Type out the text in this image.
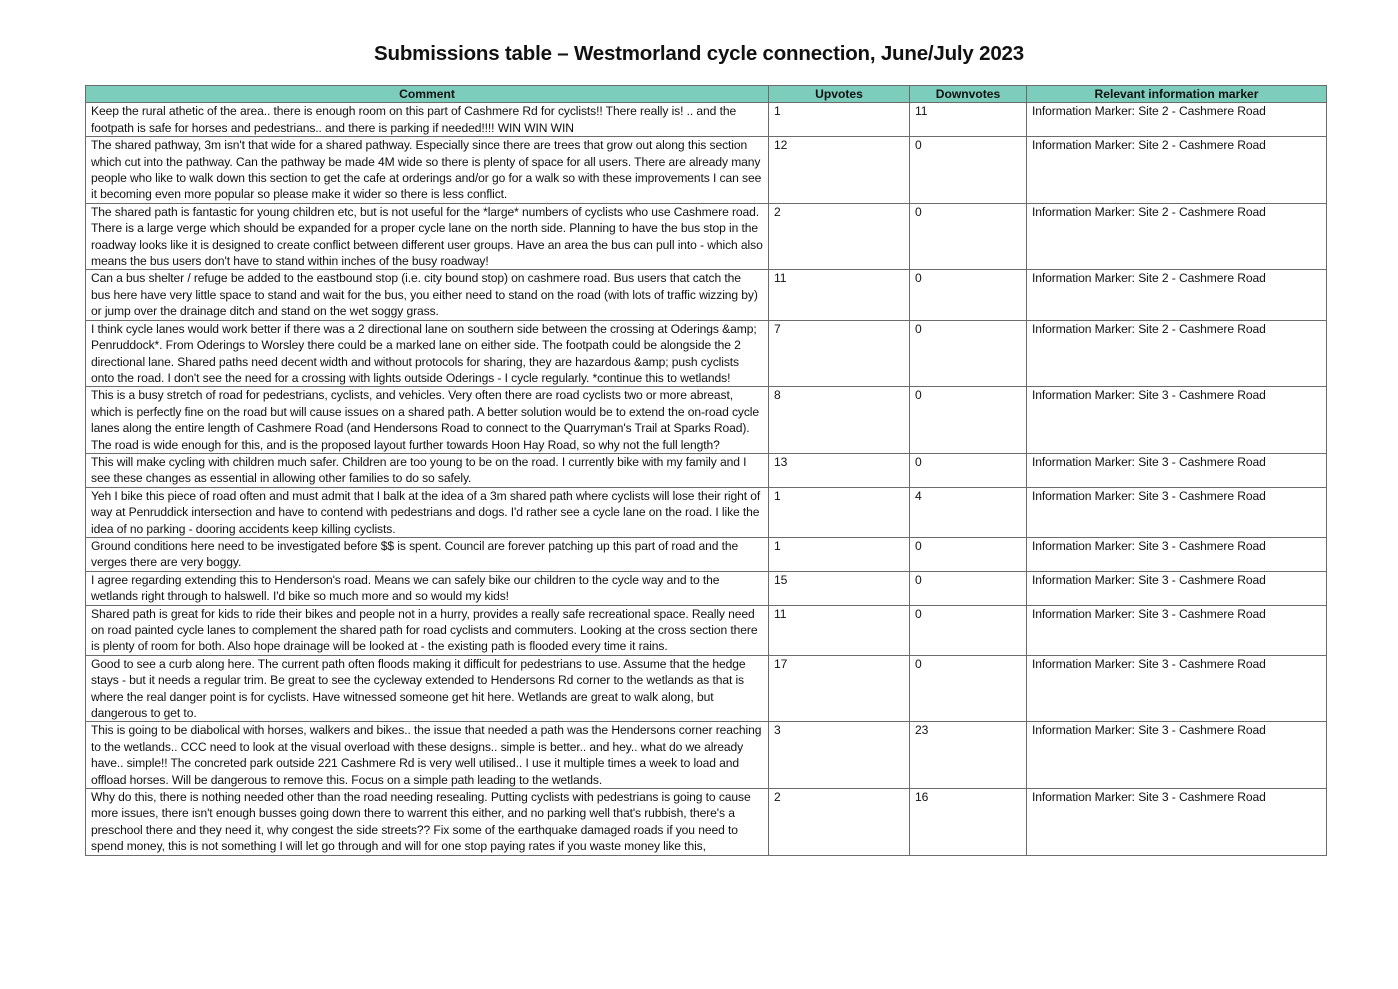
Submissions table – Westmorland cycle connection, June/July 2023
Comment	Upvotes	Downvotes	Relevant information marker
Keep the rural athetic of the area.. there is enough room on this part of Cashmere Rd for cyclists!! There really is! .. and the footpath is safe for horses and pedestrians.. and there is parking if needed!!!! WIN WIN WIN	1	11	Information Marker: Site 2 - Cashmere Road
The shared pathway, 3m isn't that wide for a shared pathway. Especially since there are trees that grow out along this section which cut into the pathway. Can the pathway be made 4M wide so there is plenty of space for all users. There are already many people who like to walk down this section to get the cafe at orderings and/or go for a walk so with these improvements I can see it becoming even more popular so please make it wider so there is less conflict.	12	0	Information Marker: Site 2 - Cashmere Road
The shared path is fantastic for young children etc, but is not useful for the *large* numbers of cyclists who use Cashmere road. There is a large verge which should be expanded for a proper cycle lane on the north side. Planning to have the bus stop in the roadway looks like it is designed to create conflict between different user groups. Have an area the bus can pull into - which also means the bus users don't have to stand within inches of the busy roadway!	2	0	Information Marker: Site 2 - Cashmere Road
Can a bus shelter / refuge be added to the eastbound stop (i.e. city bound stop) on cashmere road. Bus users that catch the bus here have very little space to stand and wait for the bus, you either need to stand on the road (with lots of traffic wizzing by) or jump over the drainage ditch and stand on the wet soggy grass.	11	0	Information Marker: Site 2 - Cashmere Road
I think cycle lanes would work better if there was a 2 directional lane on southern side between the crossing at Oderings &amp; Penruddock*. From Oderings to Worsley there could be a marked lane on either side. The footpath could be alongside the 2 directional lane. Shared paths need decent width and without protocols for sharing, they are hazardous &amp; push cyclists onto the road. I don't see the need for a crossing with lights outside Oderings - I cycle regularly. *continue this to wetlands!	7	0	Information Marker: Site 2 - Cashmere Road
This is a busy stretch of road for pedestrians, cyclists, and vehicles. Very often there are road cyclists two or more abreast, which is perfectly fine on the road but will cause issues on a shared path. A better solution would be to extend the on-road cycle lanes along the entire length of Cashmere Road (and Hendersons Road to connect to the Quarryman's Trail at Sparks Road). The road is wide enough for this, and is the proposed layout further towards Hoon Hay Road, so why not the full length?	8	0	Information Marker: Site 3 - Cashmere Road
This will make cycling with children much safer. Children are too young to be on the road. I currently bike with my family and I see these changes as essential in allowing other families to do so safely.	13	0	Information Marker: Site 3 - Cashmere Road
Yeh I bike this piece of road often and must admit that I balk at the idea of a 3m shared path where cyclists will lose their right of way at Penruddick intersection and have to contend with pedestrians and dogs. I'd rather see a cycle lane on the road. I like the idea of no parking - dooring accidents keep killing cyclists.	1	4	Information Marker: Site 3 - Cashmere Road
Ground conditions here need to be investigated before $$ is spent. Council are forever patching up this part of road and the verges there are very boggy.	1	0	Information Marker: Site 3 - Cashmere Road
I agree regarding extending this to Henderson's road. Means we can safely bike our children to the cycle way and to the wetlands right through to halswell. I'd bike so much more and so would my kids!	15	0	Information Marker: Site 3 - Cashmere Road
Shared path is great for kids to ride their bikes and people not in a hurry, provides a really safe recreational space. Really need on road painted cycle lanes to complement the shared path for road cyclists and commuters. Looking at the cross section there is plenty of room for both. Also hope drainage will be looked at - the existing path is flooded every time it rains.	11	0	Information Marker: Site 3 - Cashmere Road
Good to see a curb along here. The current path often floods making it difficult for pedestrians to use. Assume that the hedge stays - but it needs a regular trim. Be great to see the cycleway extended to Hendersons Rd corner to the wetlands as that is where the real danger point is for cyclists. Have witnessed someone get hit here. Wetlands are great to walk along, but dangerous to get to.	17	0	Information Marker: Site 3 - Cashmere Road
This is going to be diabolical with horses, walkers and bikes.. the issue that needed a path was the Hendersons corner reaching to the wetlands.. CCC need to look at the visual overload with these designs.. simple is better.. and hey.. what do we already have.. simple!! The concreted park outside 221 Cashmere Rd is very well utilised.. I use it multiple times a week to load and offload horses. Will be dangerous to remove this. Focus on a simple path leading to the wetlands.	3	23	Information Marker: Site 3 - Cashmere Road
Why do this, there is nothing needed other than the road needing resealing. Putting cyclists with pedestrians is going to cause more issues, there isn't enough busses going down there to warrent this either, and no parking well that's rubbish, there's a preschool there and they need it, why congest the side streets?? Fix some of the earthquake damaged roads if you need to spend money, this is not something I will let go through and will for one stop paying rates if you waste money like this,	2	16	Information Marker: Site 3 - Cashmere Road
